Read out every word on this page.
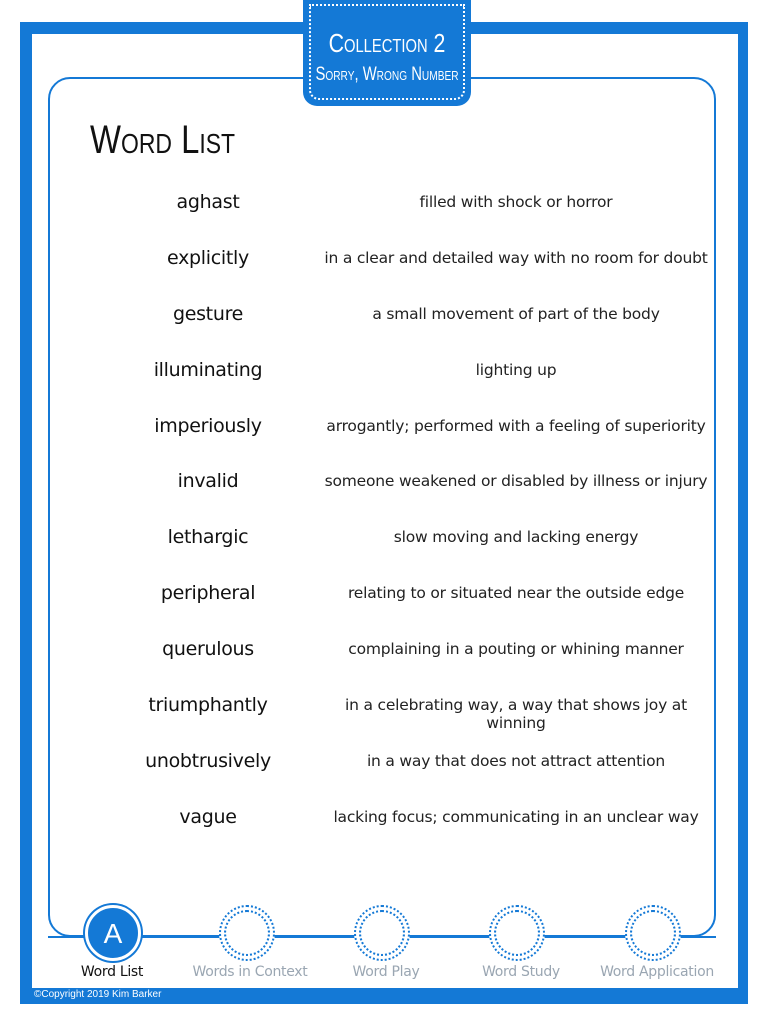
Collection 2
Sorry, Wrong Number
Word List
aghast	filled with shock or horror
explicitly	in a clear and detailed way with no room for doubt
gesture	a small movement of part of the body
illuminating	lighting up
imperiously	arrogantly; performed with a feeling of superiority
invalid	someone weakened or disabled by illness or injury
lethargic	slow moving and lacking energy
peripheral	relating to or situated near the outside edge
querulous	complaining in a pouting or whining manner
triumphantly	in a celebrating way, a way that shows joy at winning
unobtrusively	in a way that does not attract attention
vague	lacking focus; communicating in an unclear way
A
Word List	Words in Context	Word Play	Word Study	Word Application
©Copyright 2019 Kim Barker
